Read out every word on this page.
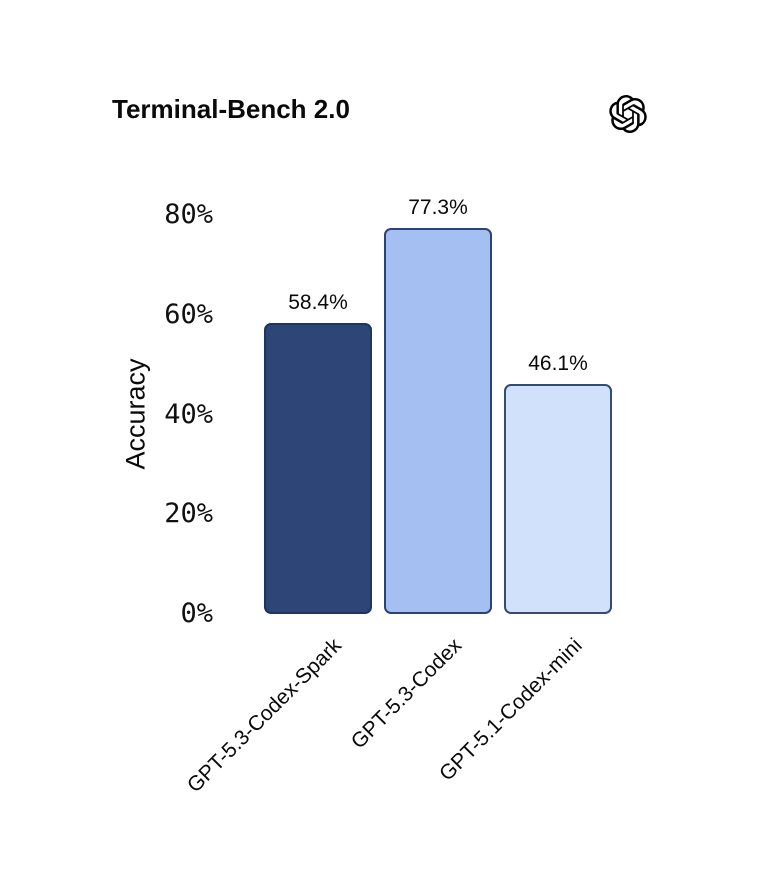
Terminal-Bench 2.0
Accuracy
0%
20%
40%
60%
80%
58.4%
GPT-5.3-Codex-Spark
77.3%
GPT-5.3-Codex
46.1%
GPT-5.1-Codex-mini
